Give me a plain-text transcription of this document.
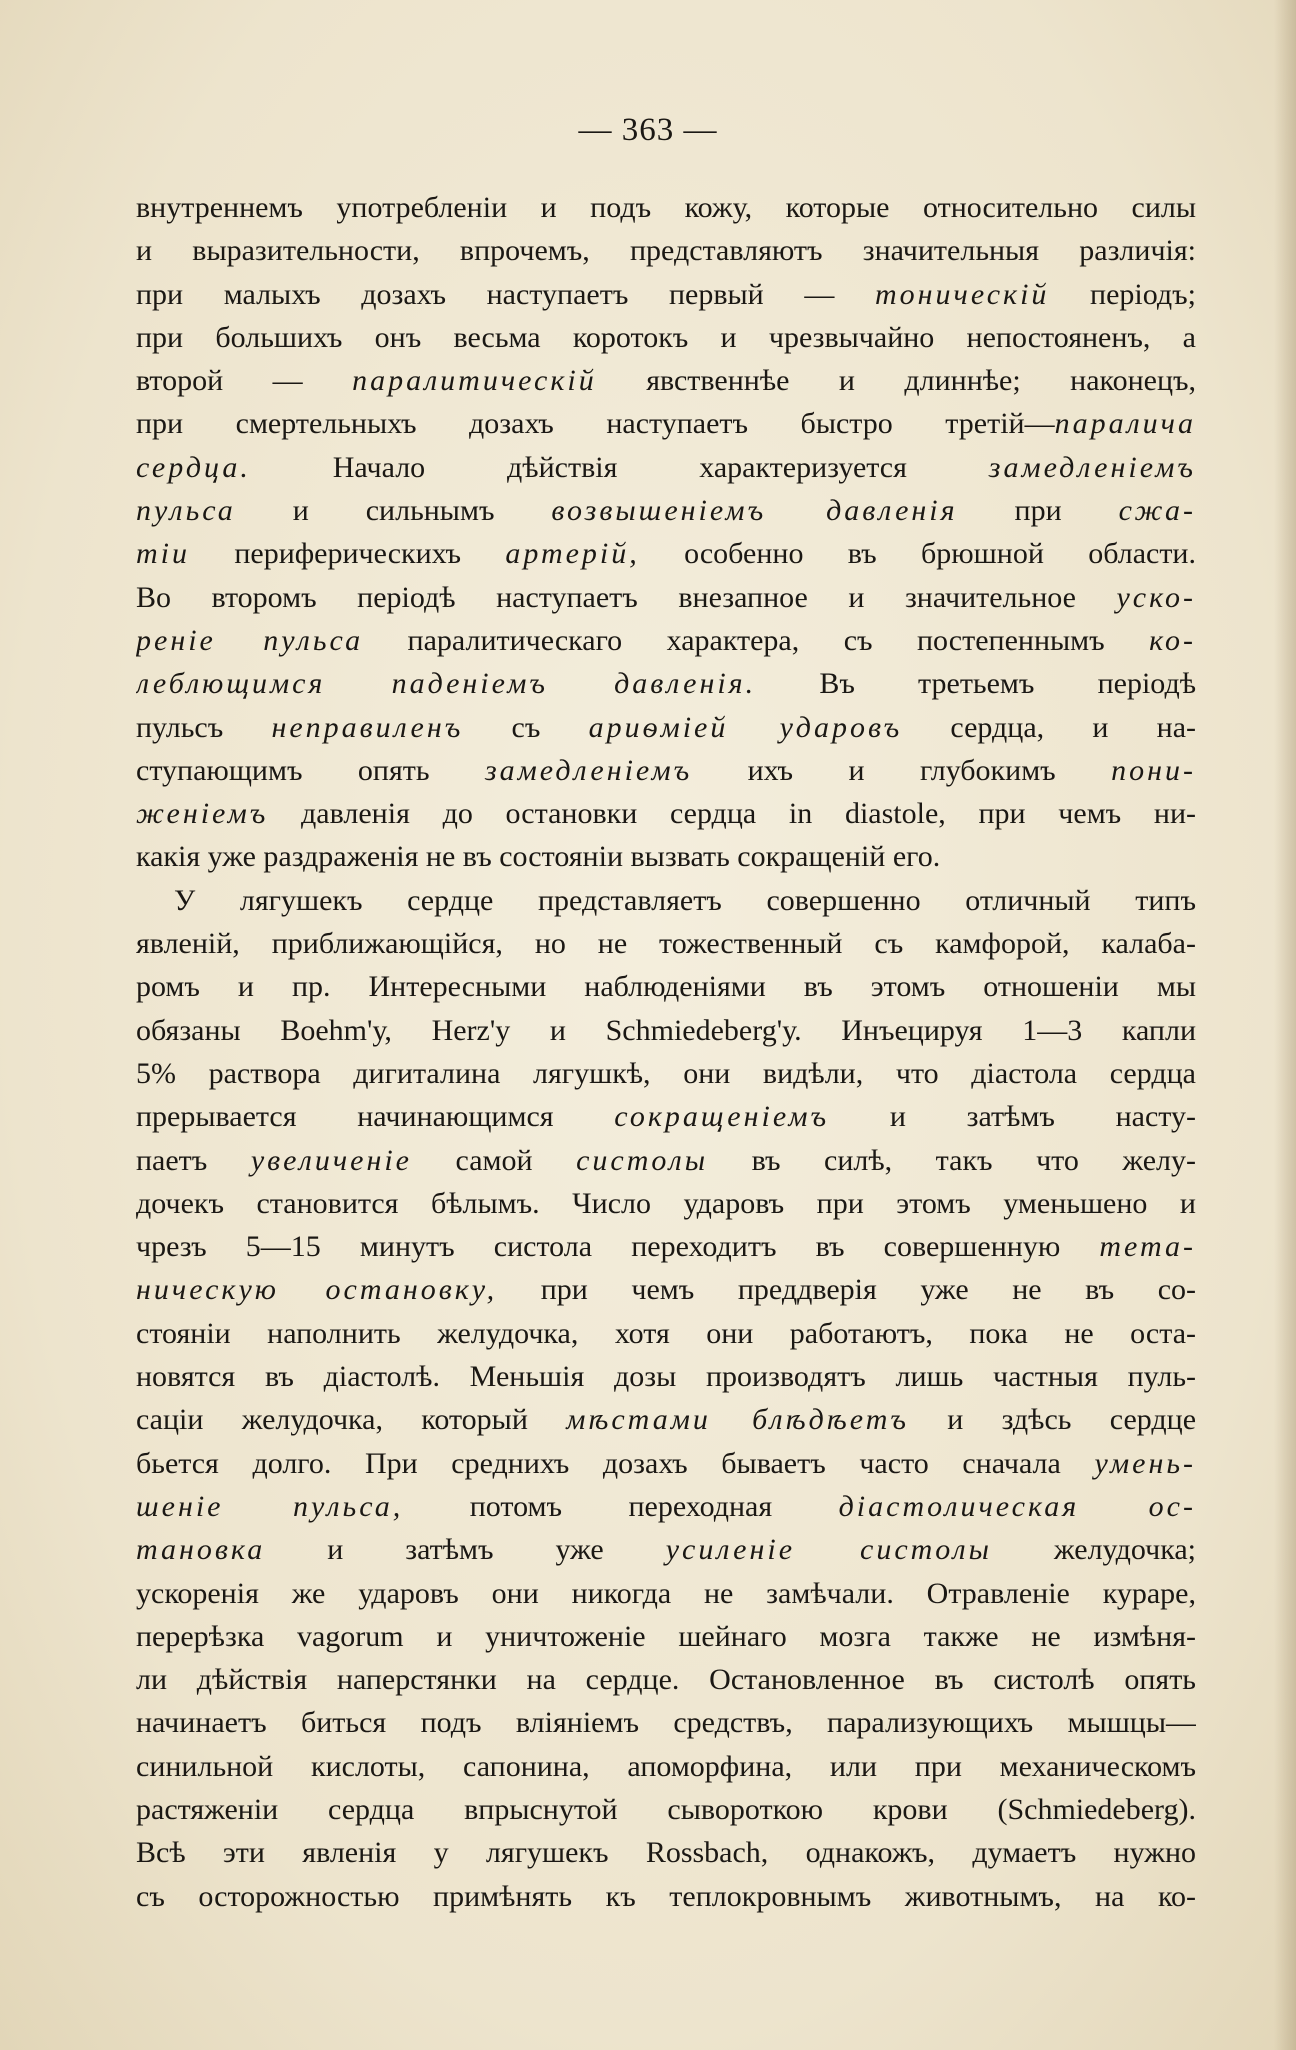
— 363 —
внутреннемъ употребленіи и подъ кожу, которые относительно силы
и выразительности, впрочемъ, представляютъ значительныя различія:
при малыхъ дозахъ наступаетъ первый — тоническій періодъ;
при большихъ онъ весьма коротокъ и чрезвычайно непостояненъ, а
второй — паралитическій явственнѣе и длиннѣе; наконецъ,
при смертельныхъ дозахъ наступаетъ быстро третій—паралича
сердца. Начало дѣйствія характеризуется замедленіемъ
пульса и сильнымъ возвышеніемъ давленія при сжа-
тіи периферическихъ артерій, особенно въ брюшной области.
Во второмъ періодѣ наступаетъ внезапное и значительное уско-
реніе пульса паралитическаго характера, съ постепеннымъ ко-
леблющимся паденіемъ давленія. Въ третьемъ періодѣ
пульсъ неправиленъ съ ариѳміей ударовъ сердца, и на-
ступающимъ опять замедленіемъ ихъ и глубокимъ пони-
женіемъ давленія до остановки сердца in diastole, при чемъ ни-
какія уже раздраженія не въ состояніи вызвать сокращеній его.
У лягушекъ сердце представляетъ совершенно отличный типъ
явленій, приближающійся, но не тожественный съ камфорой, калаба-
ромъ и пр. Интересными наблюденіями въ этомъ отношеніи мы
обязаны Boehm'у, Herz'у и Schmiedeberg'у. Инъецируя 1—3 капли
5% раствора дигиталина лягушкѣ, они видѣли, что діастола сердца
прерывается начинающимся сокращеніемъ и затѣмъ насту-
паетъ увеличеніе самой систолы въ силѣ, такъ что желу-
дочекъ становится бѣлымъ. Число ударовъ при этомъ уменьшено и
чрезъ 5—15 минутъ систола переходитъ въ совершенную тета-
ническую остановку, при чемъ преддверія уже не въ со-
стояніи наполнить желудочка, хотя они работаютъ, пока не оста-
новятся въ діастолѣ. Меньшія дозы производятъ лишь частныя пуль-
саціи желудочка, который мѣстами блѣдѣетъ и здѣсь сердце
бьется долго. При среднихъ дозахъ бываетъ часто сначала умень-
шеніе пульса, потомъ переходная діастолическая ос-
тановка и затѣмъ уже усиленіе систолы желудочка;
ускоренія же ударовъ они никогда не замѣчали. Отравленіе кураре,
перерѣзка vagorum и уничтоженіе шейнаго мозга также не измѣня-
ли дѣйствія наперстянки на сердце. Остановленное въ систолѣ опять
начинаетъ биться подъ вліяніемъ средствъ, парализующихъ мышцы—
синильной кислоты, сапонина, апоморфина, или при механическомъ
растяженіи сердца впрыснутой сывороткою крови (Schmiedeberg).
Всѣ эти явленія у лягушекъ Rossbach, однакожъ, думаетъ нужно
съ осторожностью примѣнять къ теплокровнымъ животнымъ, на ко-
